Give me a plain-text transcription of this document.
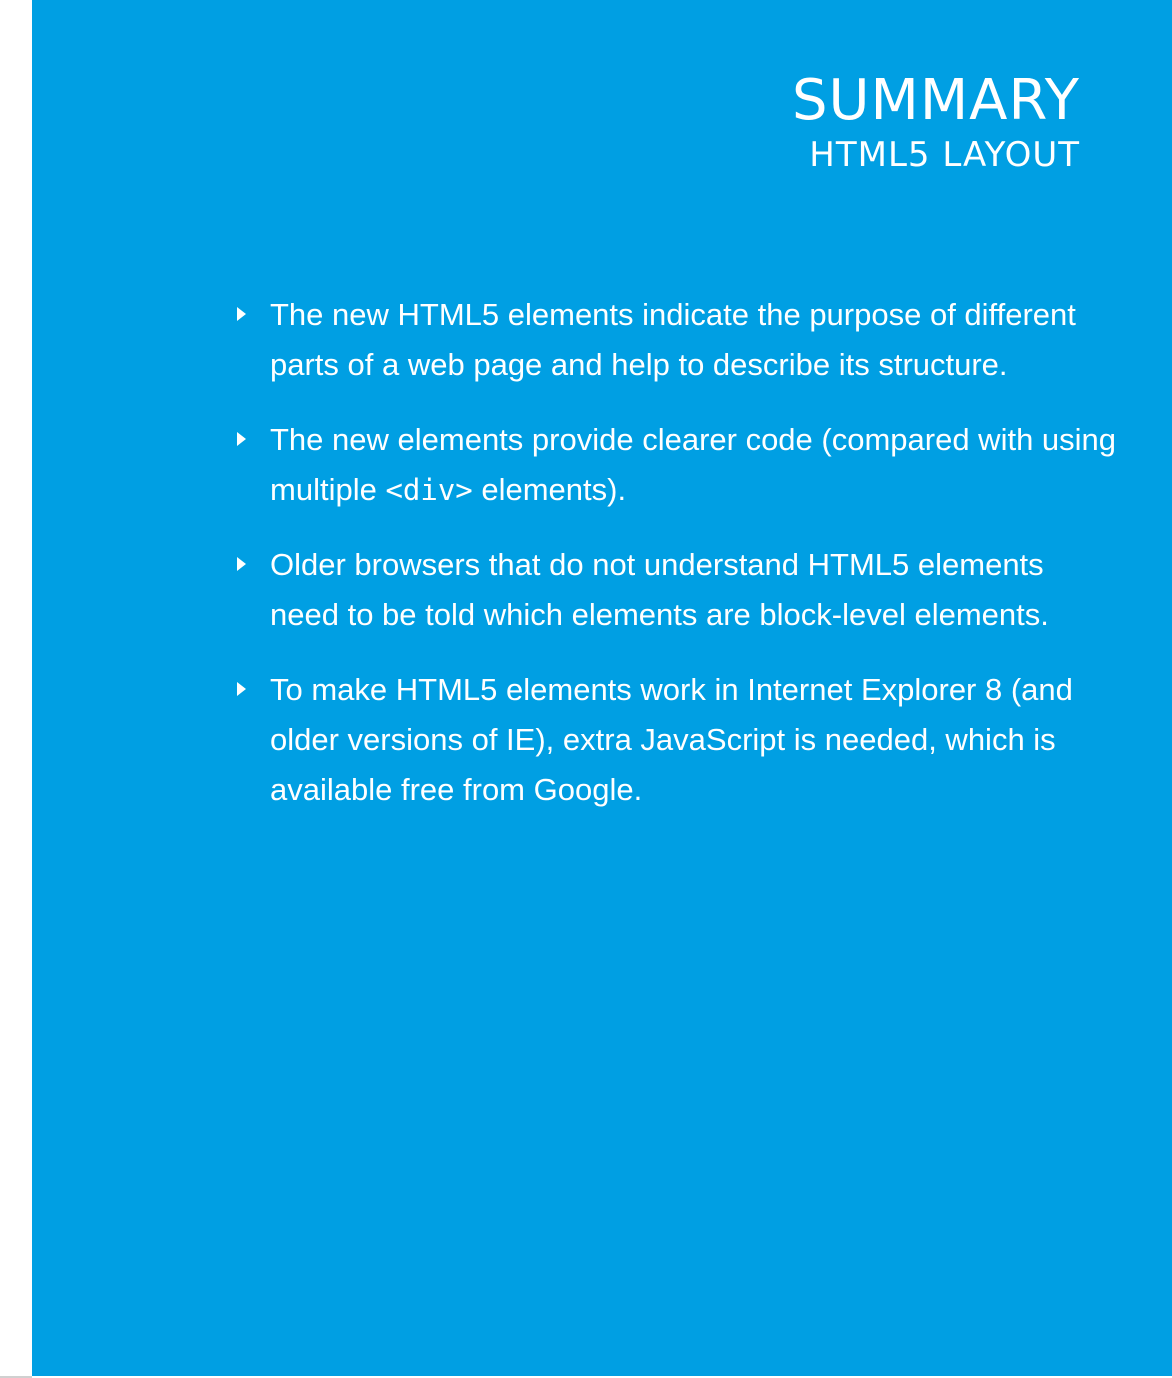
SUMMARY
HTML5 LAYOUT
The new HTML5 elements indicate the purpose of different parts of a web page and help to describe its structure.
The new elements provide clearer code (compared with using multiple <div> elements).
Older browsers that do not understand HTML5 elements need to be told which elements are block-level elements.
To make HTML5 elements work in Internet Explorer 8 (and older versions of IE), extra JavaScript is needed, which is available free from Google.
